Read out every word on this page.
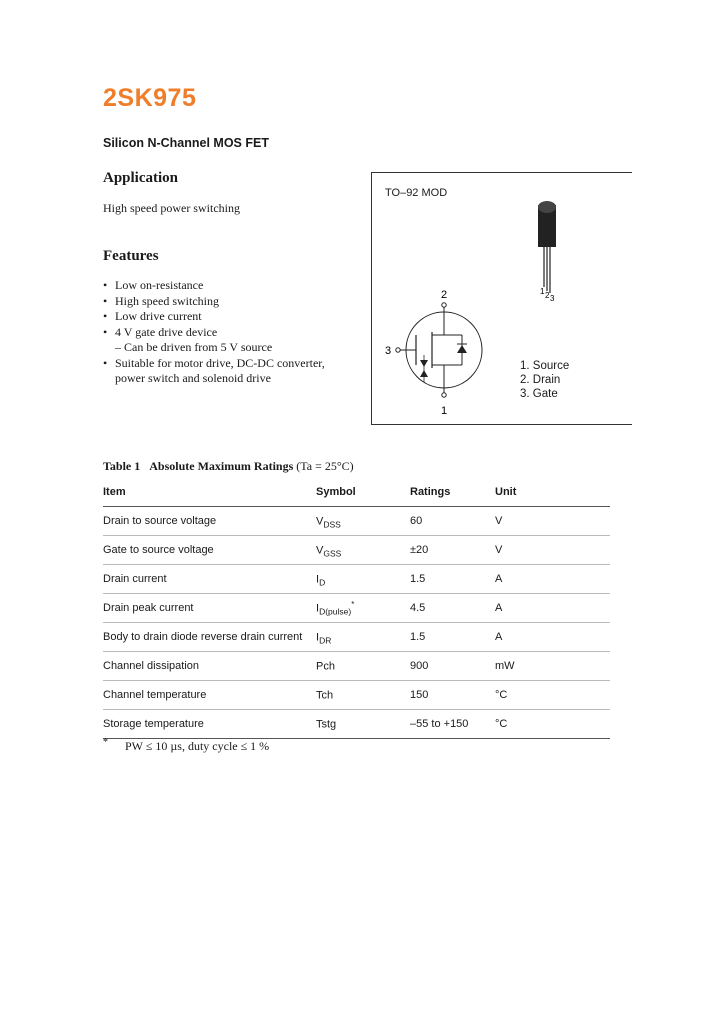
2SK975
Silicon N-Channel MOS FET
Application
High speed power switching
Features
• Low on-resistance
• High speed switching
• Low drive current
• 4 V gate drive device
– Can be driven from 5 V source
• Suitable for motor drive, DC-DC converter,
power switch and solenoid drive
TO–92 MOD
1 2 3
2
1
3
1. Source
2. Drain
3. Gate
Table 1 Absolute Maximum Ratings (Ta = 25°C)
Item	Symbol	Ratings	Unit
Drain to source voltage	$V_{DSS}$	60	V
Gate to source voltage	$V_{GSS}$	±20	V
Drain current	$I_D$	1.5	A
Drain peak current	$I_{D(pulse)}^*$	4.5	A
Body to drain diode reverse drain current	$I_{DR}$	1.5	A
Channel dissipation	Pch	900	mW
Channel temperature	Tch	150	°C
Storage temperature	Tstg	–55 to +150	°C
* PW ≤ 10 µs, duty cycle ≤ 1 %
